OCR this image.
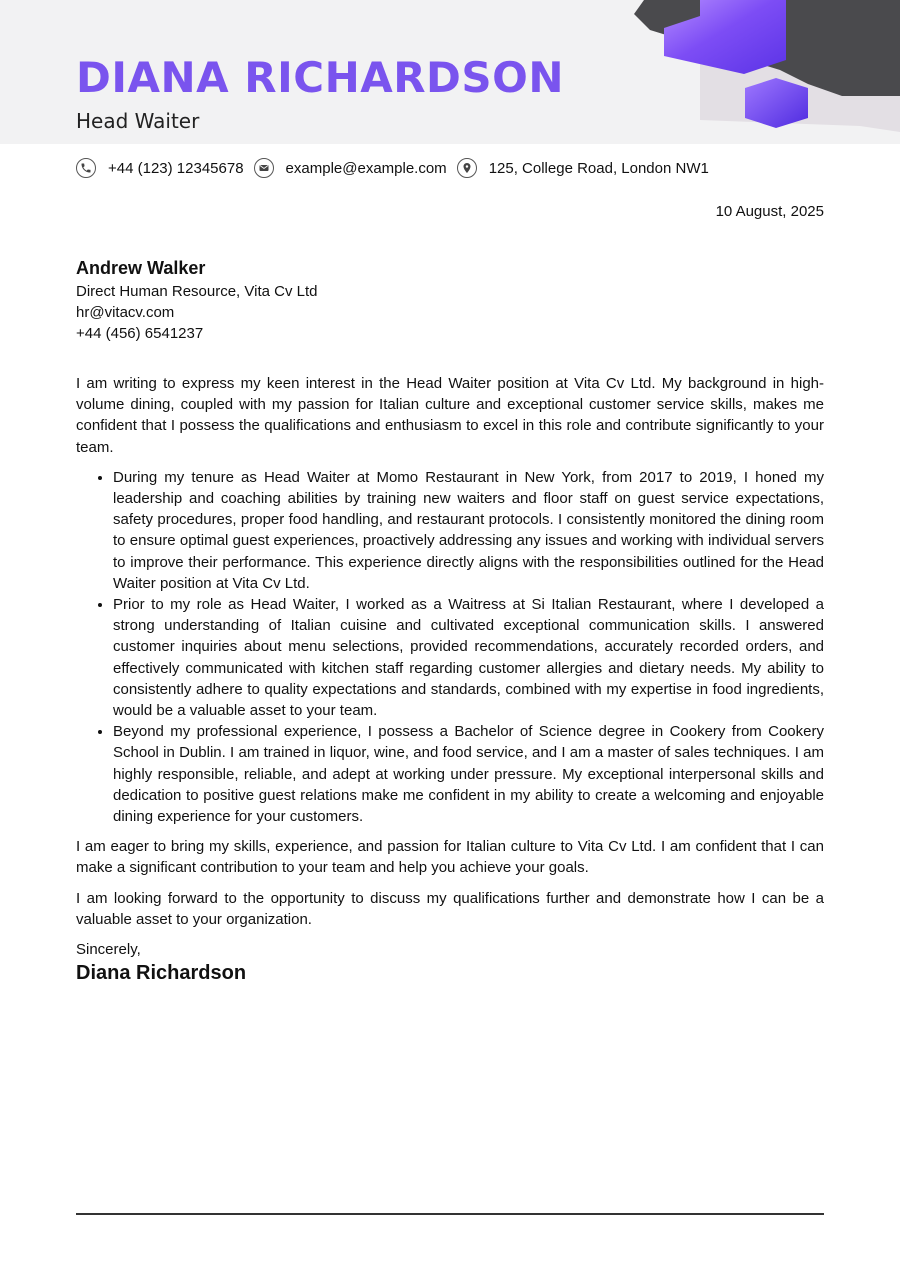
DIANA RICHARDSON
Head Waiter
+44 (123) 12345678	example@example.com	125, College Road, London NW1
10 August, 2025
Andrew Walker
Direct Human Resource, Vita Cv Ltd
hr@vitacv.com
+44 (456) 6541237

I am writing to express my keen interest in the Head Waiter position at Vita Cv Ltd. My background in high-volume dining, coupled with my passion for Italian culture and exceptional customer service skills, makes me confident that I possess the qualifications and enthusiasm to excel in this role and contribute significantly to your team.

• During my tenure as Head Waiter at Momo Restaurant in New York, from 2017 to 2019, I honed my leadership and coaching abilities by training new waiters and floor staff on guest service expectations, safety procedures, proper food handling, and restaurant protocols. I consistently monitored the dining room to ensure optimal guest experiences, proactively addressing any issues and working with individual servers to improve their performance. This experience directly aligns with the responsibilities outlined for the Head Waiter position at Vita Cv Ltd.
• Prior to my role as Head Waiter, I worked as a Waitress at Si Italian Restaurant, where I developed a strong understanding of Italian cuisine and cultivated exceptional communication skills. I answered customer inquiries about menu selections, provided recommendations, accurately recorded orders, and effectively communicated with kitchen staff regarding customer allergies and dietary needs. My ability to consistently adhere to quality expectations and standards, combined with my expertise in food ingredients, would be a valuable asset to your team.
• Beyond my professional experience, I possess a Bachelor of Science degree in Cookery from Cookery School in Dublin. I am trained in liquor, wine, and food service, and I am a master of sales techniques. I am highly responsible, reliable, and adept at working under pressure. My exceptional interpersonal skills and dedication to positive guest relations make me confident in my ability to create a welcoming and enjoyable dining experience for your customers.

I am eager to bring my skills, experience, and passion for Italian culture to Vita Cv Ltd. I am confident that I can make a significant contribution to your team and help you achieve your goals.

I am looking forward to the opportunity to discuss my qualifications further and demonstrate how I can be a valuable asset to your organization.

Sincerely,
Diana Richardson
